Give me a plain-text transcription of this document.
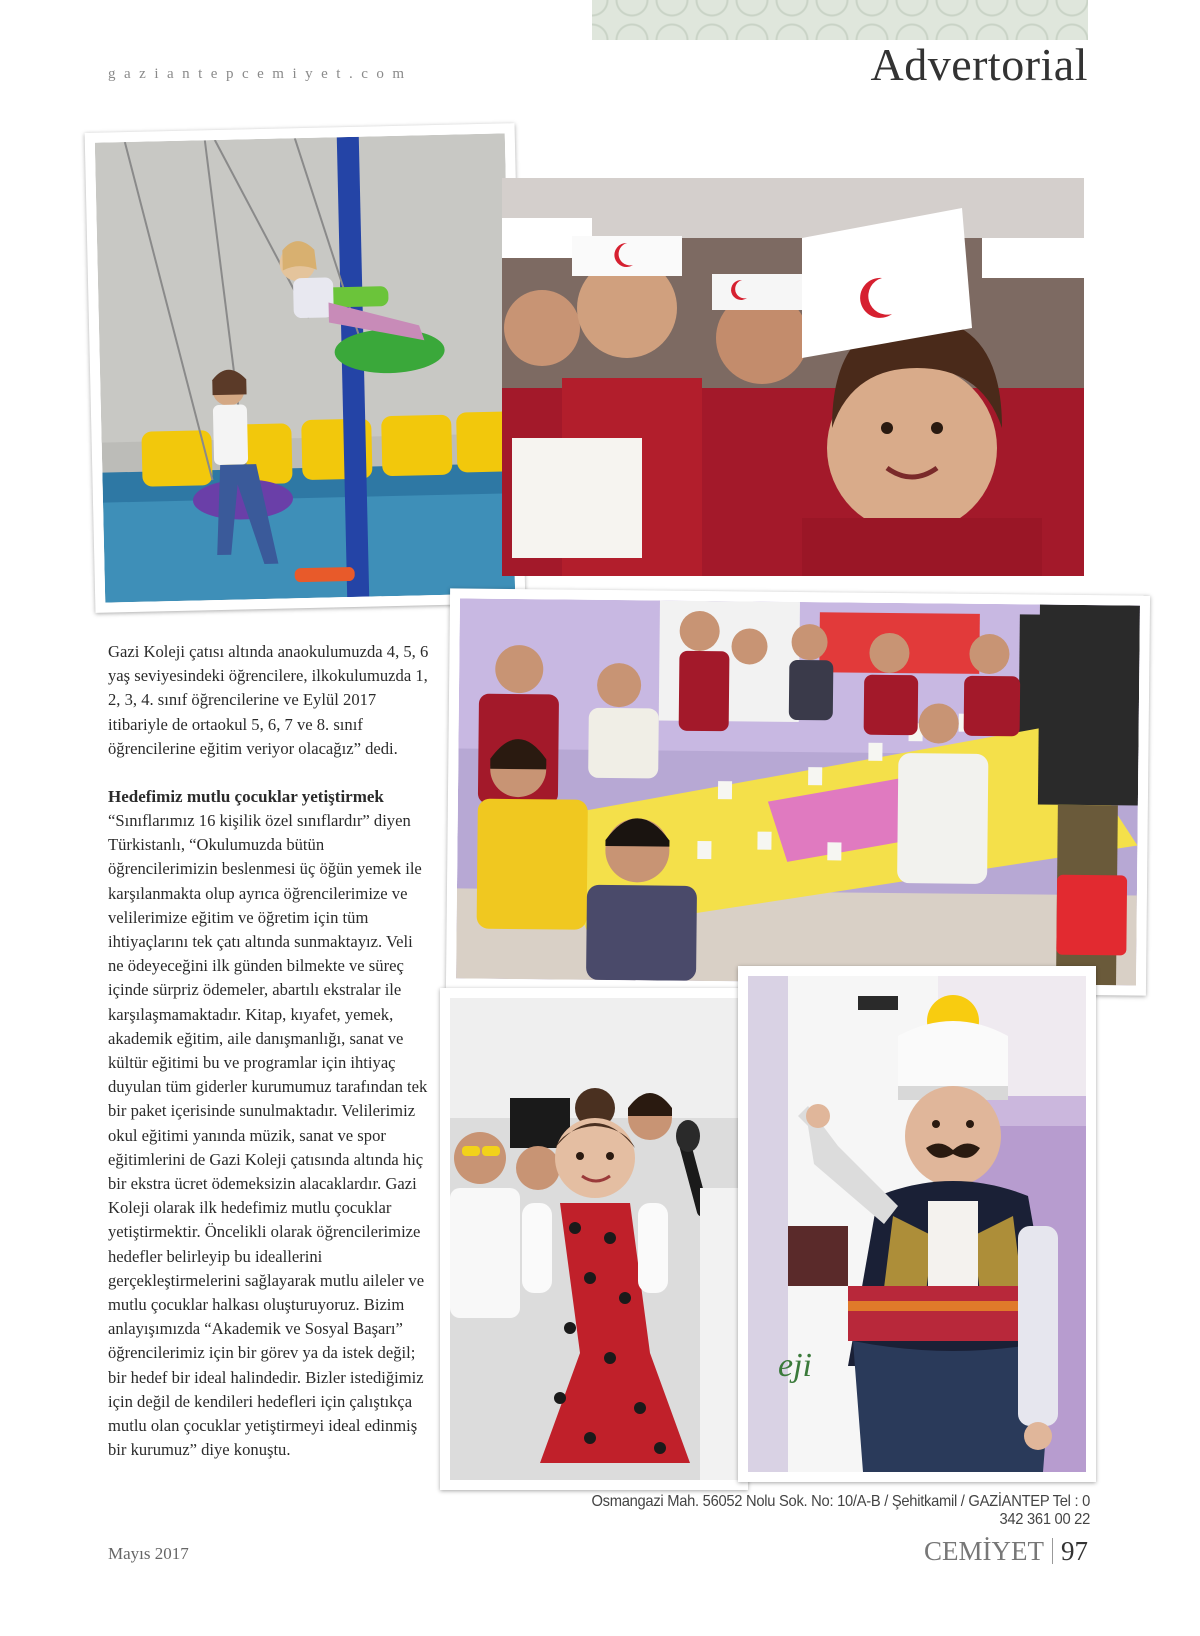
gaziantepcemiyet.com	Advertorial
eji

Gazi Koleji çatısı altında anaokulumuzda 4, 5, 6 yaş seviyesindeki öğrencilere, ilkokulumuzda 1, 2, 3, 4. sınıf öğrencilerine ve Eylül 2017 itibariyle de ortaokul 5, 6, 7 ve 8. sınıf öğrencilerine eğitim veriyor olacağız” dedi.

Hedefimiz mutlu çocuklar yetiştirmek

“Sınıflarımız 16 kişilik özel sınıflardır” diyen Türkistanlı, “Okulumuzda bütün öğrencilerimizin beslenmesi üç öğün yemek ile karşılanmakta olup ayrıca öğrencilerimize ve velilerimize eğitim ve öğretim için tüm ihtiyaçlarını tek çatı altında sunmaktayız. Veli ne ödeyeceğini ilk günden bilmekte ve süreç içinde sürpriz ödemeler, abartılı ekstralar ile karşılaşmamaktadır. Kitap, kıyafet, yemek, akademik eğitim, aile danışmanlığı, sanat ve kültür eğitimi bu ve programlar için ihtiyaç duyulan tüm giderler kurumumuz tarafından tek bir paket içerisinde sunulmaktadır. Velilerimiz okul eğitimi yanında müzik, sanat ve spor eğitimlerini de Gazi Koleji çatısında altında hiç bir ekstra ücret ödemeksizin alacaklardır. Gazi Koleji olarak ilk hedefimiz mutlu çocuklar yetiştirmektir. Öncelikli olarak öğrencilerimize hedefler belirleyip bu ideallerini gerçekleştirmelerini sağlayarak mutlu aileler ve mutlu çocuklar halkası oluşturuyoruz. Bizim anlayışımızda “Akademik ve Sosyal Başarı” öğrencilerimiz için bir görev ya da istek değil; bir hedef bir ideal halindedir. Bizler istediğimiz için değil de kendileri hedefleri için çalıştıkça mutlu olan çocuklar yetiştirmeyi ideal edinmiş bir kurumuz” diye konuştu.

Osmangazi Mah. 56052 Nolu Sok. No: 10/A-B / Şehitkamil / GAZİANTEP Tel : 0 342 361 00 22
Mayıs 2017	CEMİYET 97
